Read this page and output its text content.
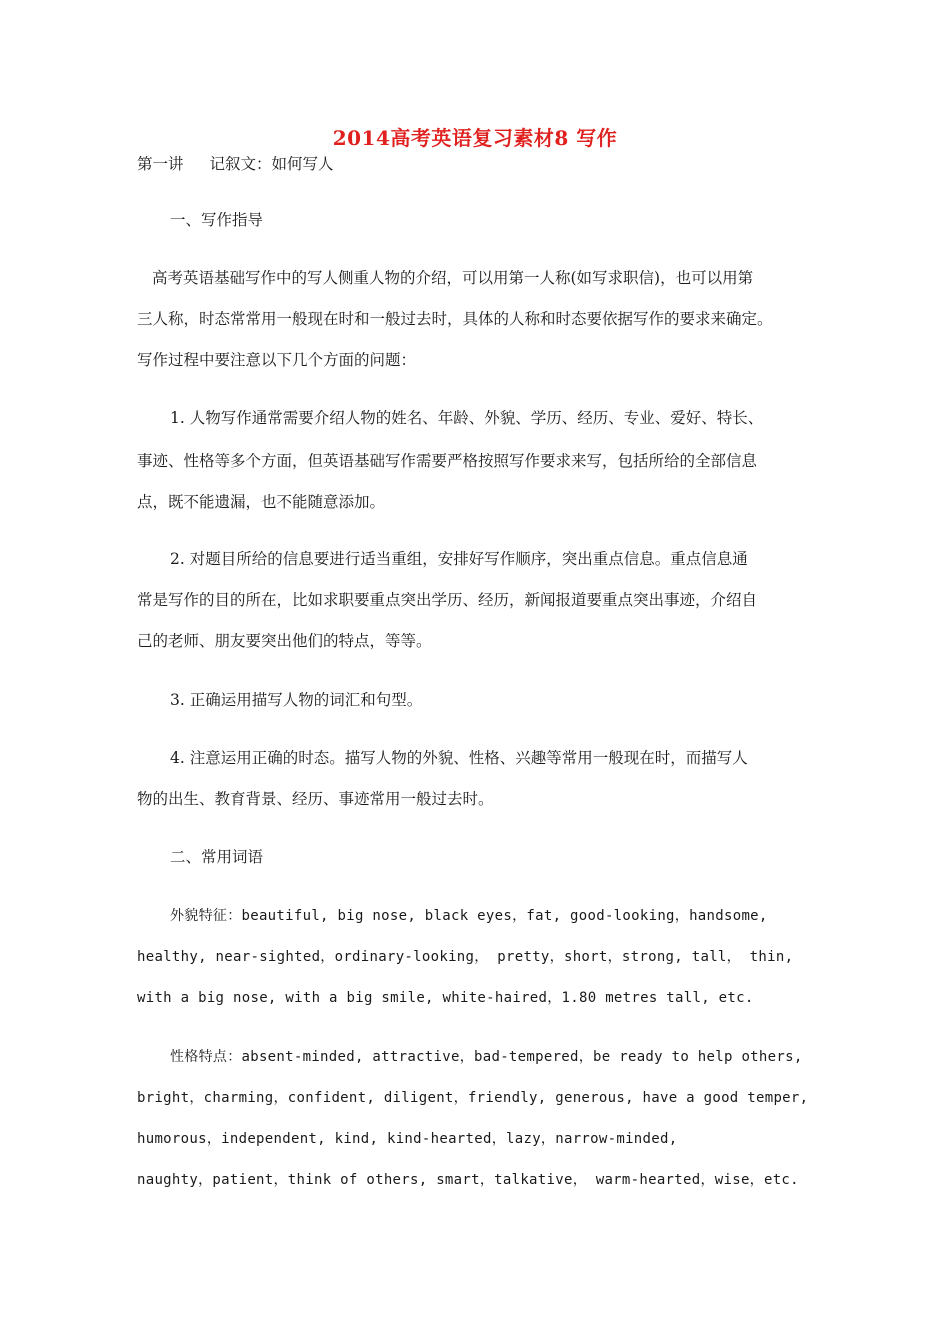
2014高考英语复习素材8 写作
第一讲 记叙文：如何写人
一、写作指导
高考英语基础写作中的写人侧重人物的介绍，可以用第一人称(如写求职信)，也可以用第
三人称，时态常常用一般现在时和一般过去时，具体的人称和时态要依据写作的要求来确定。
写作过程中要注意以下几个方面的问题：
1. 人物写作通常需要介绍人物的姓名、年龄、外貌、学历、经历、专业、爱好、特长、
事迹、性格等多个方面，但英语基础写作需要严格按照写作要求来写，包括所给的全部信息
点，既不能遗漏，也不能随意添加。
2. 对题目所给的信息要进行适当重组，安排好写作顺序，突出重点信息。重点信息通
常是写作的目的所在，比如求职要重点突出学历、经历，新闻报道要重点突出事迹，介绍自
己的老师、朋友要突出他们的特点，等等。
3. 正确运用描写人物的词汇和句型。
4. 注意运用正确的时态。描写人物的外貌、性格、兴趣等常用一般现在时，而描写人
物的出生、教育背景、经历、事迹常用一般过去时。
二、常用词语
外貌特征：beautiful, big nose, black eyes，fat, good-looking，handsome,
healthy, near-sighted，ordinary-looking， pretty，short，strong, tall， thin,
with a big nose, with a big smile, white-haired，1.80 metres tall, etc.
性格特点：absent-minded, attractive，bad-tempered，be ready to help others,
bright，charming，confident, diligent，friendly, generous, have a good temper,
humorous，independent, kind, kind-hearted，lazy，narrow-minded,
naughty，patient，think of others, smart，talkative， warm-hearted，wise，etc.
